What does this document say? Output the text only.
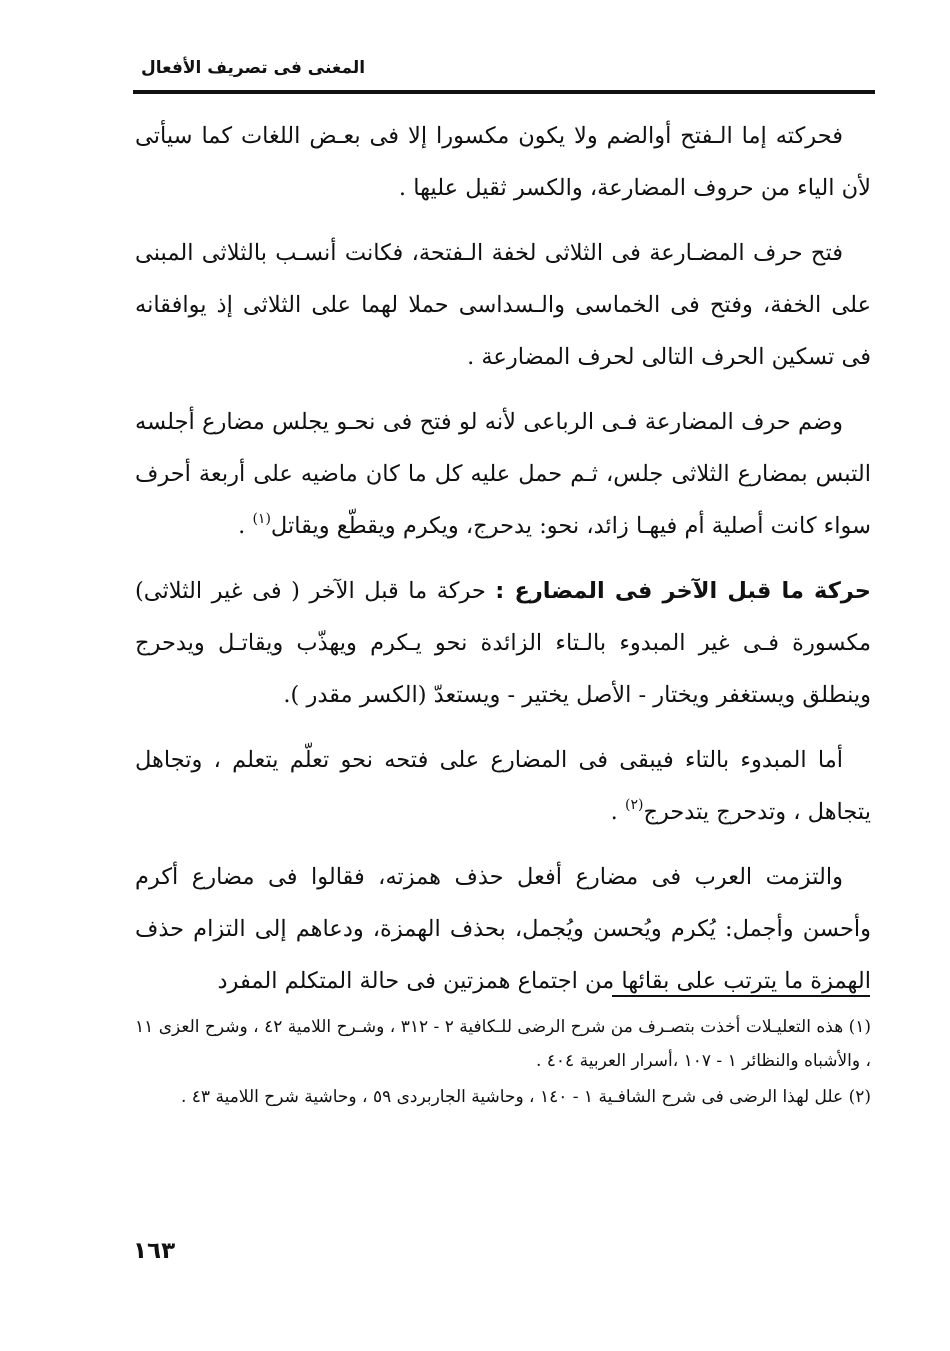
المغنى فى تصريف الأفعال

فحركته إما الـفتح أوالضم ولا يكون مكسورا إلا فى بعـض اللغات كما سيأتى لأن الياء من حروف المضارعة، والكسر ثقيل عليها .

فتح حرف المضـارعة فى الثلاثى لخفة الـفتحة، فكانت أنسـب بالثلاثى المبنى على الخفة، وفتح فى الخماسى والـسداسى حملا لهما على الثلاثى إذ يوافقانه فى تسكين الحرف التالى لحرف المضارعة .

وضم حرف المضارعة فـى الرباعى لأنه لو فتح فى نحـو يجلس مضارع أجلسه التبس بمضارع الثلاثى جلس، ثـم حمل عليه كل ما كان ماضيه على أربعة أحرف سواء كانت أصلية أم فيهـا زائد، نحو: يدحرج، ويكرم ويقطّع ويقاتل$^{(١)}$ .

حركة ما قبل الآخر فى المضارع : حركة ما قبل الآخر ( فى غير الثلاثى) مكسورة فـى غير المبدوء بالـتاء الزائدة نحو يـكرم ويهذّب ويقاتـل ويدحرج وينطلق ويستغفر ويختار - الأصل يختير - ويستعدّ (الكسر مقدر ).

أما المبدوء بالتاء فيبقى فى المضارع على فتحه نحو تعلّم يتعلم ، وتجاهل يتجاهل ، وتدحرج يتدحرج$^{(٢)}$ .

والتزمت العرب فى مضارع أفعل حذف همزته، فقالوا فى مضارع أكرم وأحسن وأجمل: يُكرم ويُحسن ويُجمل، بحذف الهمزة، ودعاهم إلى التزام حذف الهمزة ما يترتب على بقائها من اجتماع همزتين فى حالة المتكلم المفرد

(١) هذه التعليـلات أخذت بتصـرف من شرح الرضى للـكافية ٢ - ٣١٢ ، وشـرح اللامية ٤٢ ، وشرح العزى ١١ ، والأشباه والنظائر ١ - ١٠٧ ،أسرار العربية ٤٠٤ .

(٢) علل لهذا الرضى فى شرح الشافـية ١ - ١٤٠ ، وحاشية الجاربردى ٥٩ ، وحاشية شرح اللامية ٤٣ .

١٦٣
